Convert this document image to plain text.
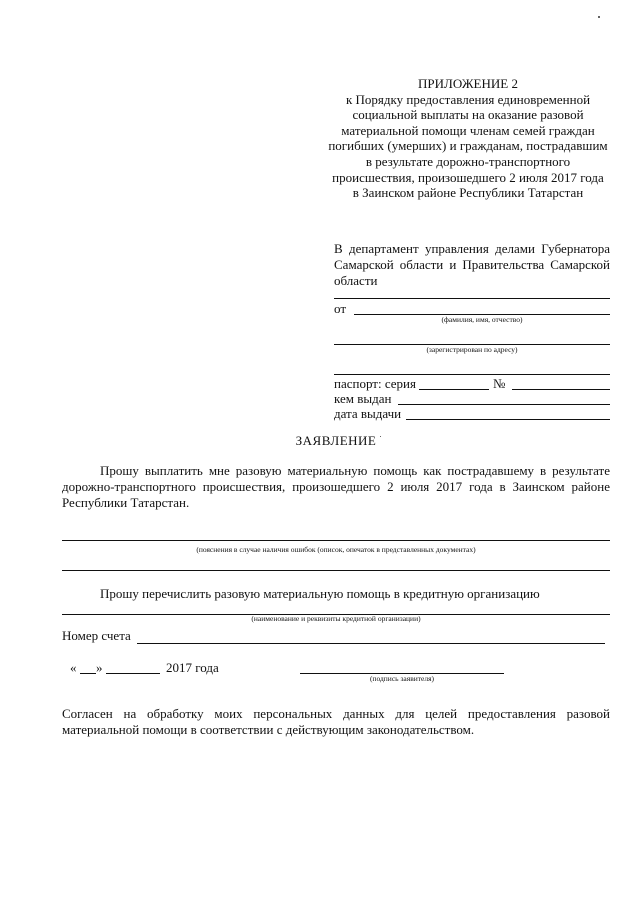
ПРИЛОЖЕНИЕ 2
к Порядку предоставления единовременной
социальной выплаты на оказание разовой
материальной помощи членам семей граждан
погибших (умерших) и гражданам, пострадавшим
в результате дорожно-транспортного
происшествия, произошедшего 2 июля 2017 года
в Заинском районе Республики Татарстан
В департамент управления делами Губернатора Самарской области и Правительства Самарской области
от
(фамилия, имя, отчество)
(зарегистрирован по адресу)
паспорт: серия	№
кем выдан
дата выдачи
ЗАЯВЛЕНИЕ
Прошу выплатить мне разовую материальную помощь как пострадавшему в результате дорожно-транспортного происшествия, произошедшего 2 июля 2017 года в Заинском районе Республики Татарстан.
(пояснения в случае наличия ошибок (описок, опечаток в представленных документах)
Прошу перечислить разовую материальную помощь в кредитную организацию
(наименование и реквизиты кредитной организации)
Номер счета
« »	2017 года
(подпись заявителя)
Согласен на обработку моих персональных данных для целей предоставления разовой материальной помощи в соответствии с действующим законодательством.
